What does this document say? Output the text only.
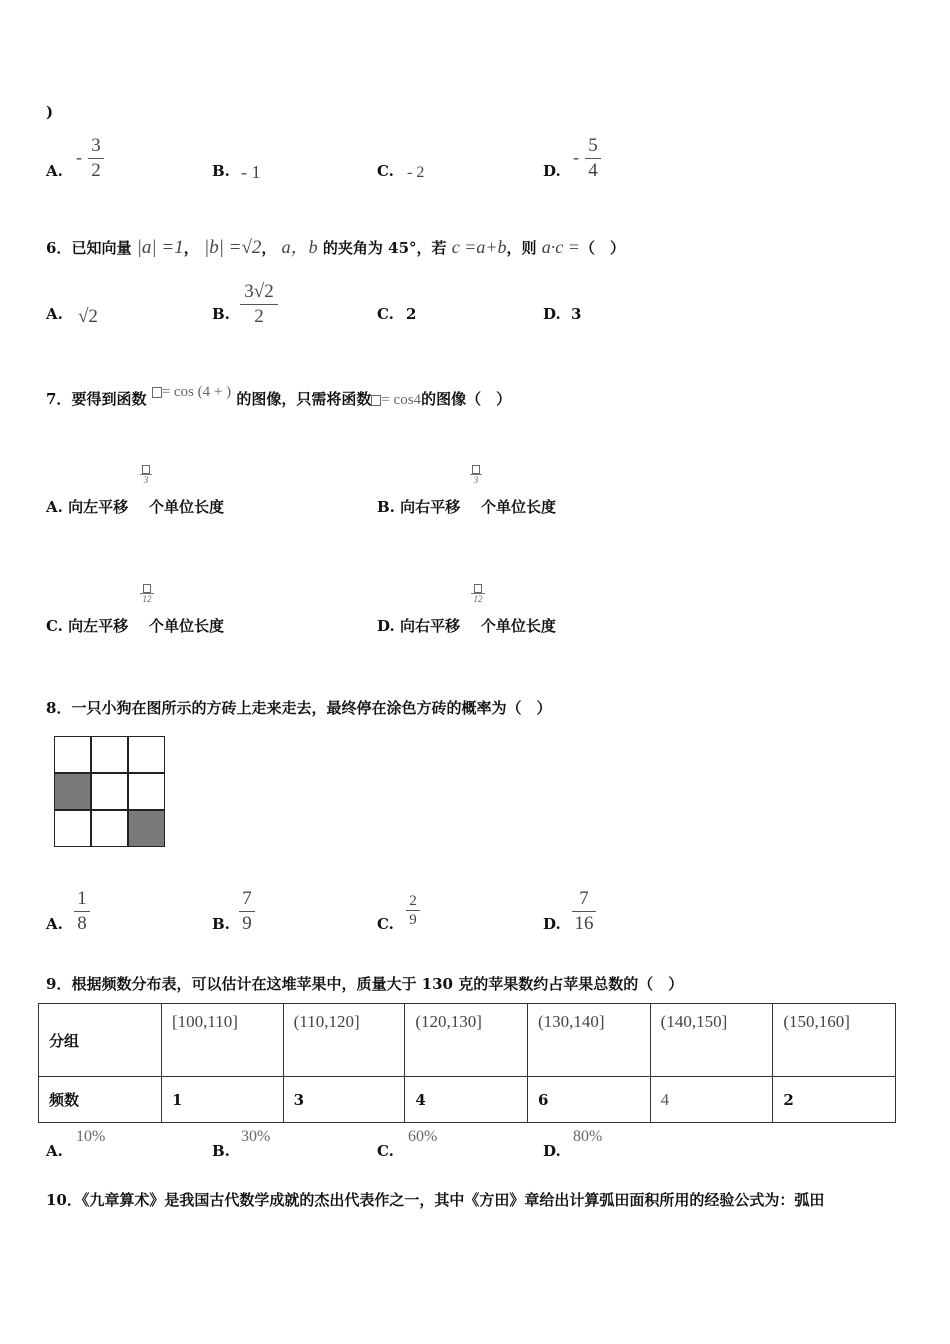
)
A.
-
3
2	B. - 1	C. - 2	D.
-
5
4
6．已知向量 |a| =1， |b| =√2， a，b 的夹角为 45°，若 c =a+b，则 a·c =（　）
A. √2	B.
3√2
2	C. 2	D. 3
7．要得到函数 = cos (4 + ) 的图像，只需将函数 = cos4的图像（　）
A. 向左平移 个单位长度
3
B. 向右平移 个单位长度
3
C. 向左平移 个单位长度
12
D. 向右平移 个单位长度
12
8．一只小狗在图所示的方砖上走来走去，最终停在涂色方砖的概率为（　）
A.
1
8	B.
7
9	C.
2
9	D.
7
16
9．根据频数分布表，可以估计在这堆苹果中，质量大于 130 克的苹果数约占苹果总数的（　）
分组	[100,110]	(110,120]	(120,130]	(130,140]	(140,150]	(150,160]

频数	1	3	4	6	4	2
A.
10%
B.
30%
C.
60%
D.
80%
10．《九章算术》是我国古代数学成就的杰出代表作之一，其中《方田》章给出计算弧田面积所用的经验公式为：弧田
